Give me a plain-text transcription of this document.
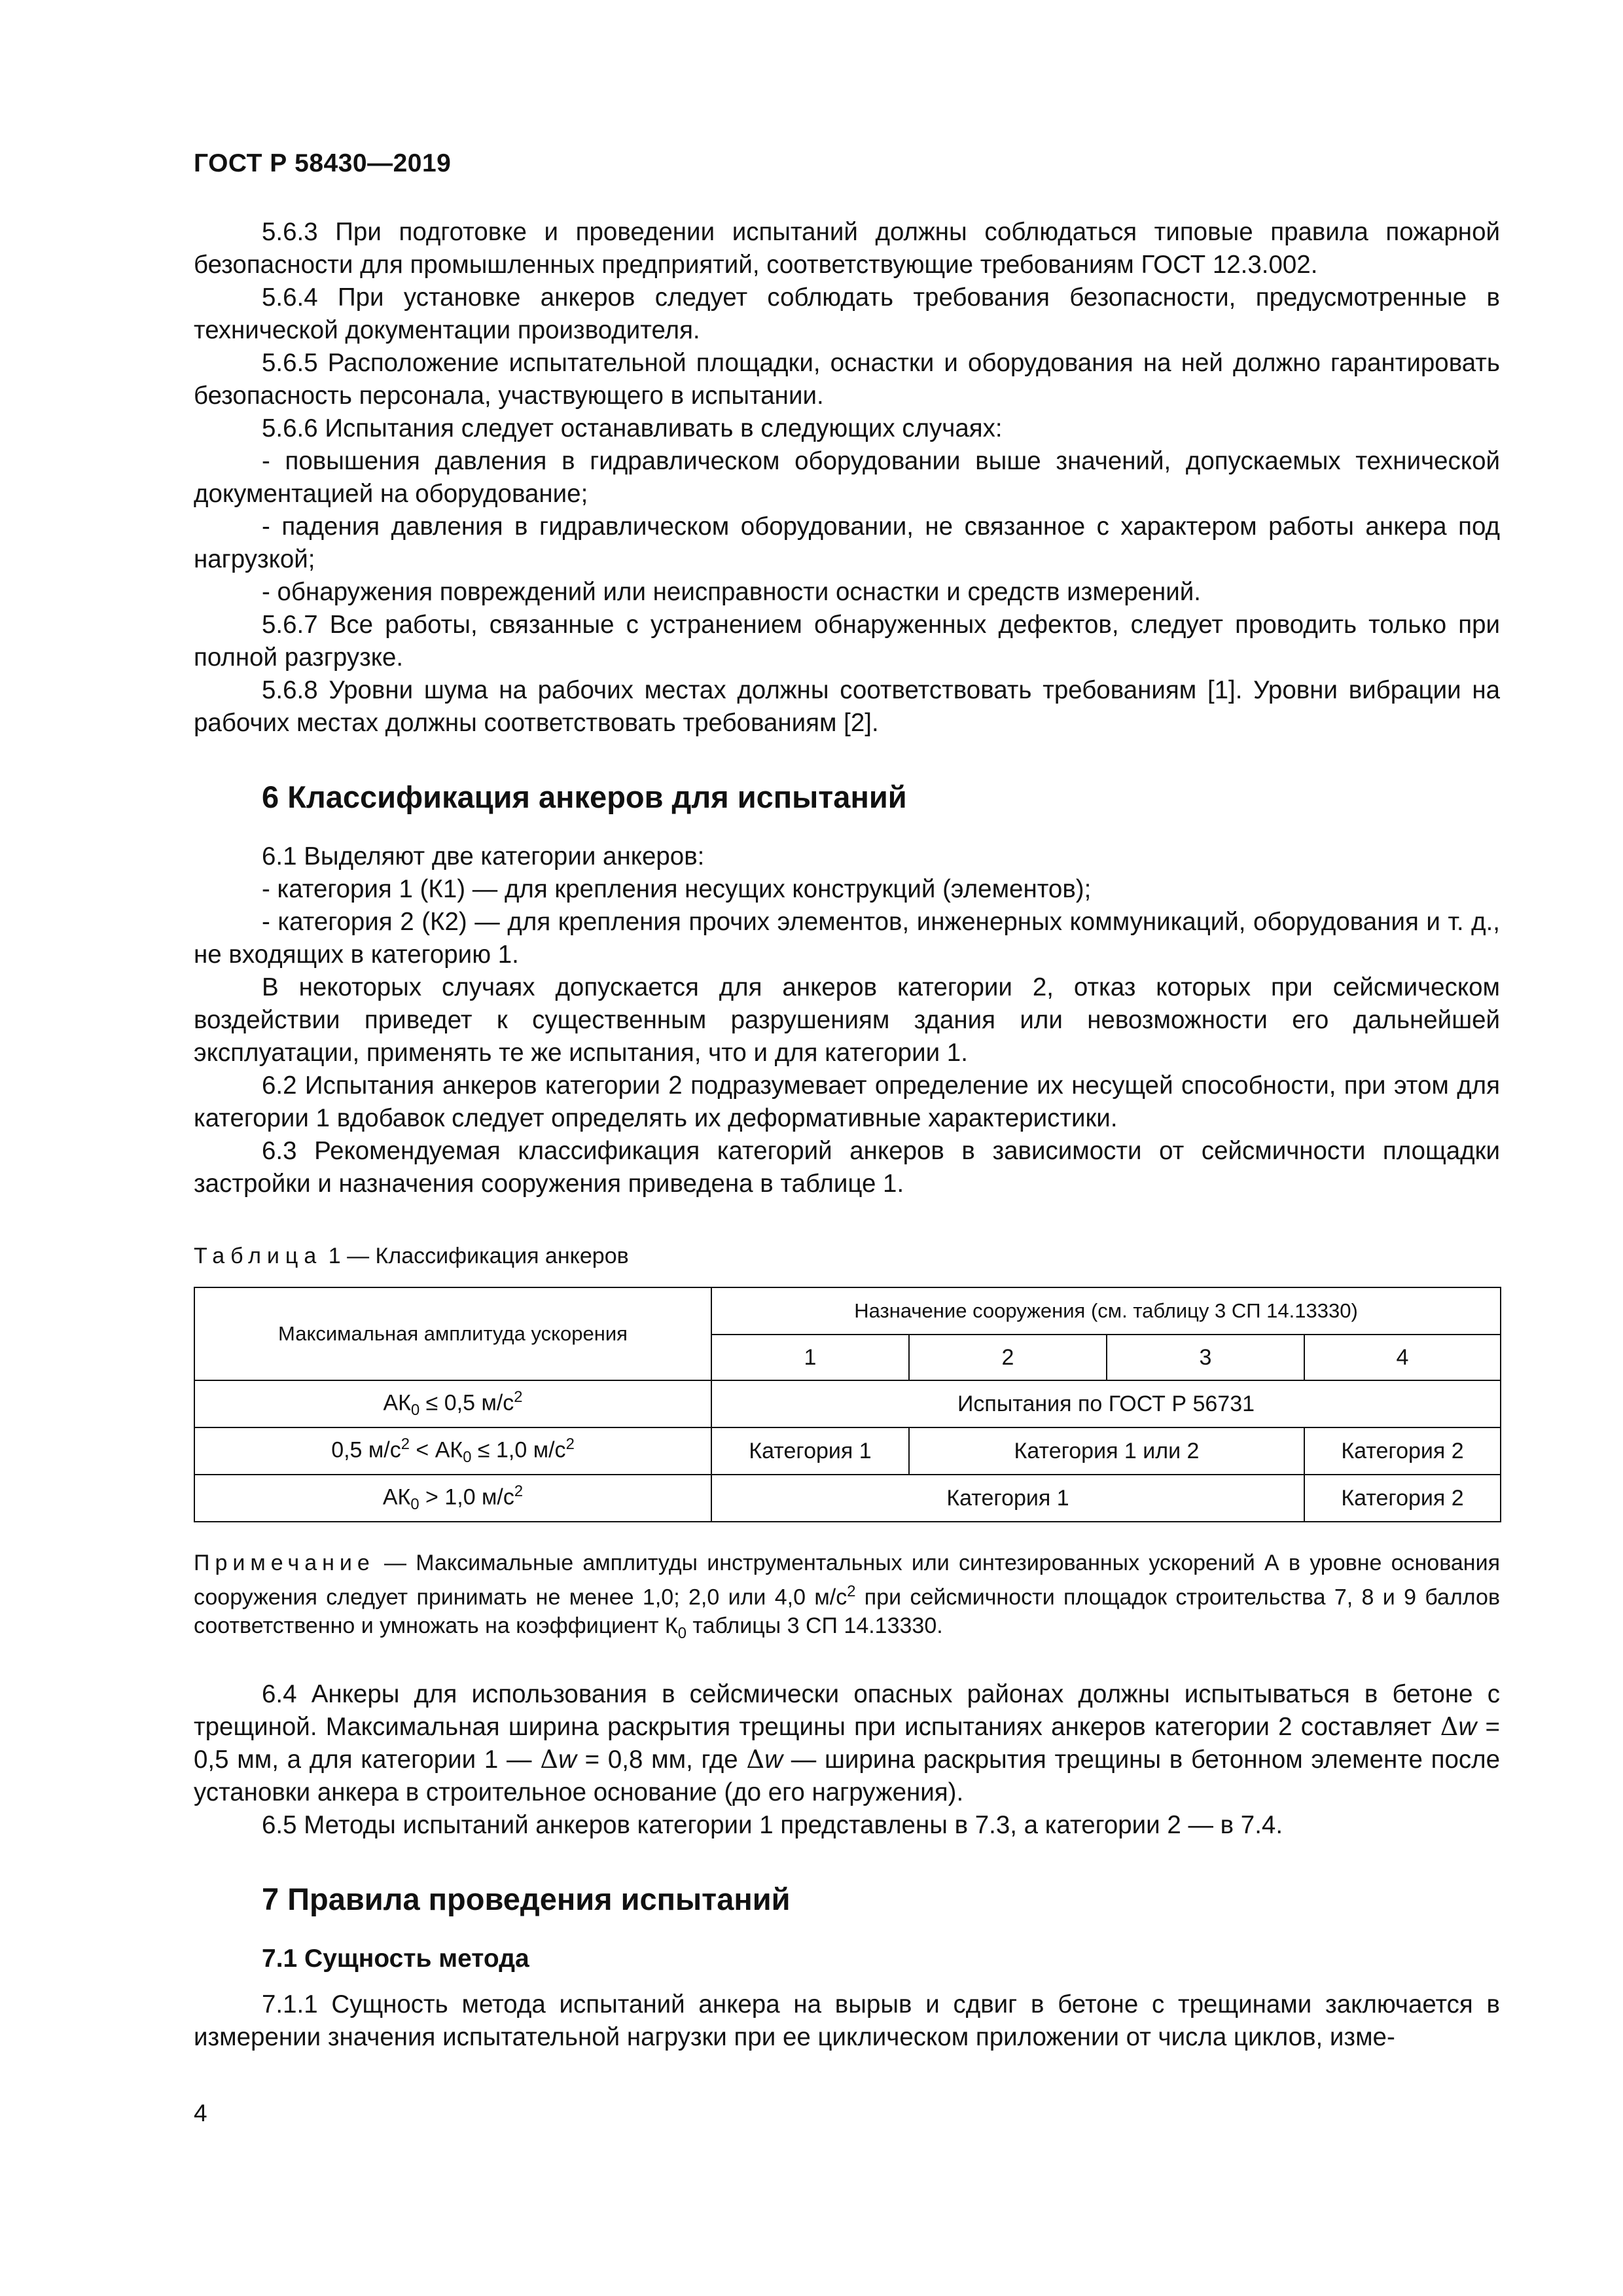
ГОСТ Р 58430—2019

5.6.3 При подготовке и проведении испытаний должны соблюдаться типовые правила пожарной безопасности для промышленных предприятий, соответствующие требованиям ГОСТ 12.3.002.

5.6.4 При установке анкеров следует соблюдать требования безопасности, предусмотренные в технической документации производителя.

5.6.5 Расположение испытательной площадки, оснастки и оборудования на ней должно гарантировать безопасность персонала, участвующего в испытании.

5.6.6 Испытания следует останавливать в следующих случаях:

- повышения давления в гидравлическом оборудовании выше значений, допускаемых технической документацией на оборудование;

- падения давления в гидравлическом оборудовании, не связанное с характером работы анкера под нагрузкой;

- обнаружения повреждений или неисправности оснастки и средств измерений.

5.6.7 Все работы, связанные с устранением обнаруженных дефектов, следует проводить только при полной разгрузке.

5.6.8 Уровни шума на рабочих местах должны соответствовать требованиям [1]. Уровни вибрации на рабочих местах должны соответствовать требованиям [2].

6 Классификация анкеров для испытаний

6.1 Выделяют две категории анкеров:

- категория 1 (К1) — для крепления несущих конструкций (элементов);

- категория 2 (К2) — для крепления прочих элементов, инженерных коммуникаций, оборудования и т. д., не входящих в категорию 1.

В некоторых случаях допускается для анкеров категории 2, отказ которых при сейсмическом воздействии приведет к существенным разрушениям здания или невозможности его дальнейшей эксплуатации, применять те же испытания, что и для категории 1.

6.2 Испытания анкеров категории 2 подразумевает определение их несущей способности, при этом для категории 1 вдобавок следует определять их деформативные характеристики.

6.3 Рекомендуемая классификация категорий анкеров в зависимости от сейсмичности площадки застройки и назначения сооружения приведена в таблице 1.

Таблица 1 — Классификация анкеров
Максимальная амплитуда ускорения	Назначение сооружения (см. таблицу 3 СП 14.13330)			
	1	2	3	4
$АК_0 \le 0,5$ $м/с^2$	Испытания по ГОСТ Р 56731			
0,5 $м/с^2 < АК_0 \le 1,0$ $м/с^2$	Категория 1	Категория 1 или 2		Категория 2
$АК_0 > 1,0$ $м/с^2$	Категория 1			Категория 2

Примечание — Максимальные амплитуды инструментальных или синтезированных ускорений А в уровне основания сооружения следует принимать не менее 1,0; 2,0 или 4,0 $м/с^2$ при сейсмичности площадок строительства 7, 8 и 9 баллов соответственно и умножать на коэффициент $К_0$ таблицы 3 СП 14.13330.

6.4 Анкеры для использования в сейсмически опасных районах должны испытываться в бетоне с трещиной. Максимальная ширина раскрытия трещины при испытаниях анкеров категории 2 составляет Δw = 0,5 мм, а для категории 1 — Δw = 0,8 мм, где Δw — ширина раскрытия трещины в бетонном элементе после установки анкера в строительное основание (до его нагружения).

6.5 Методы испытаний анкеров категории 1 представлены в 7.3, а категории 2 — в 7.4.

7 Правила проведения испытаний
7.1 Сущность метода

7.1.1 Сущность метода испытаний анкера на вырыв и сдвиг в бетоне с трещинами заключается в измерении значения испытательной нагрузки при ее циклическом приложении от числа циклов, изме-

4
